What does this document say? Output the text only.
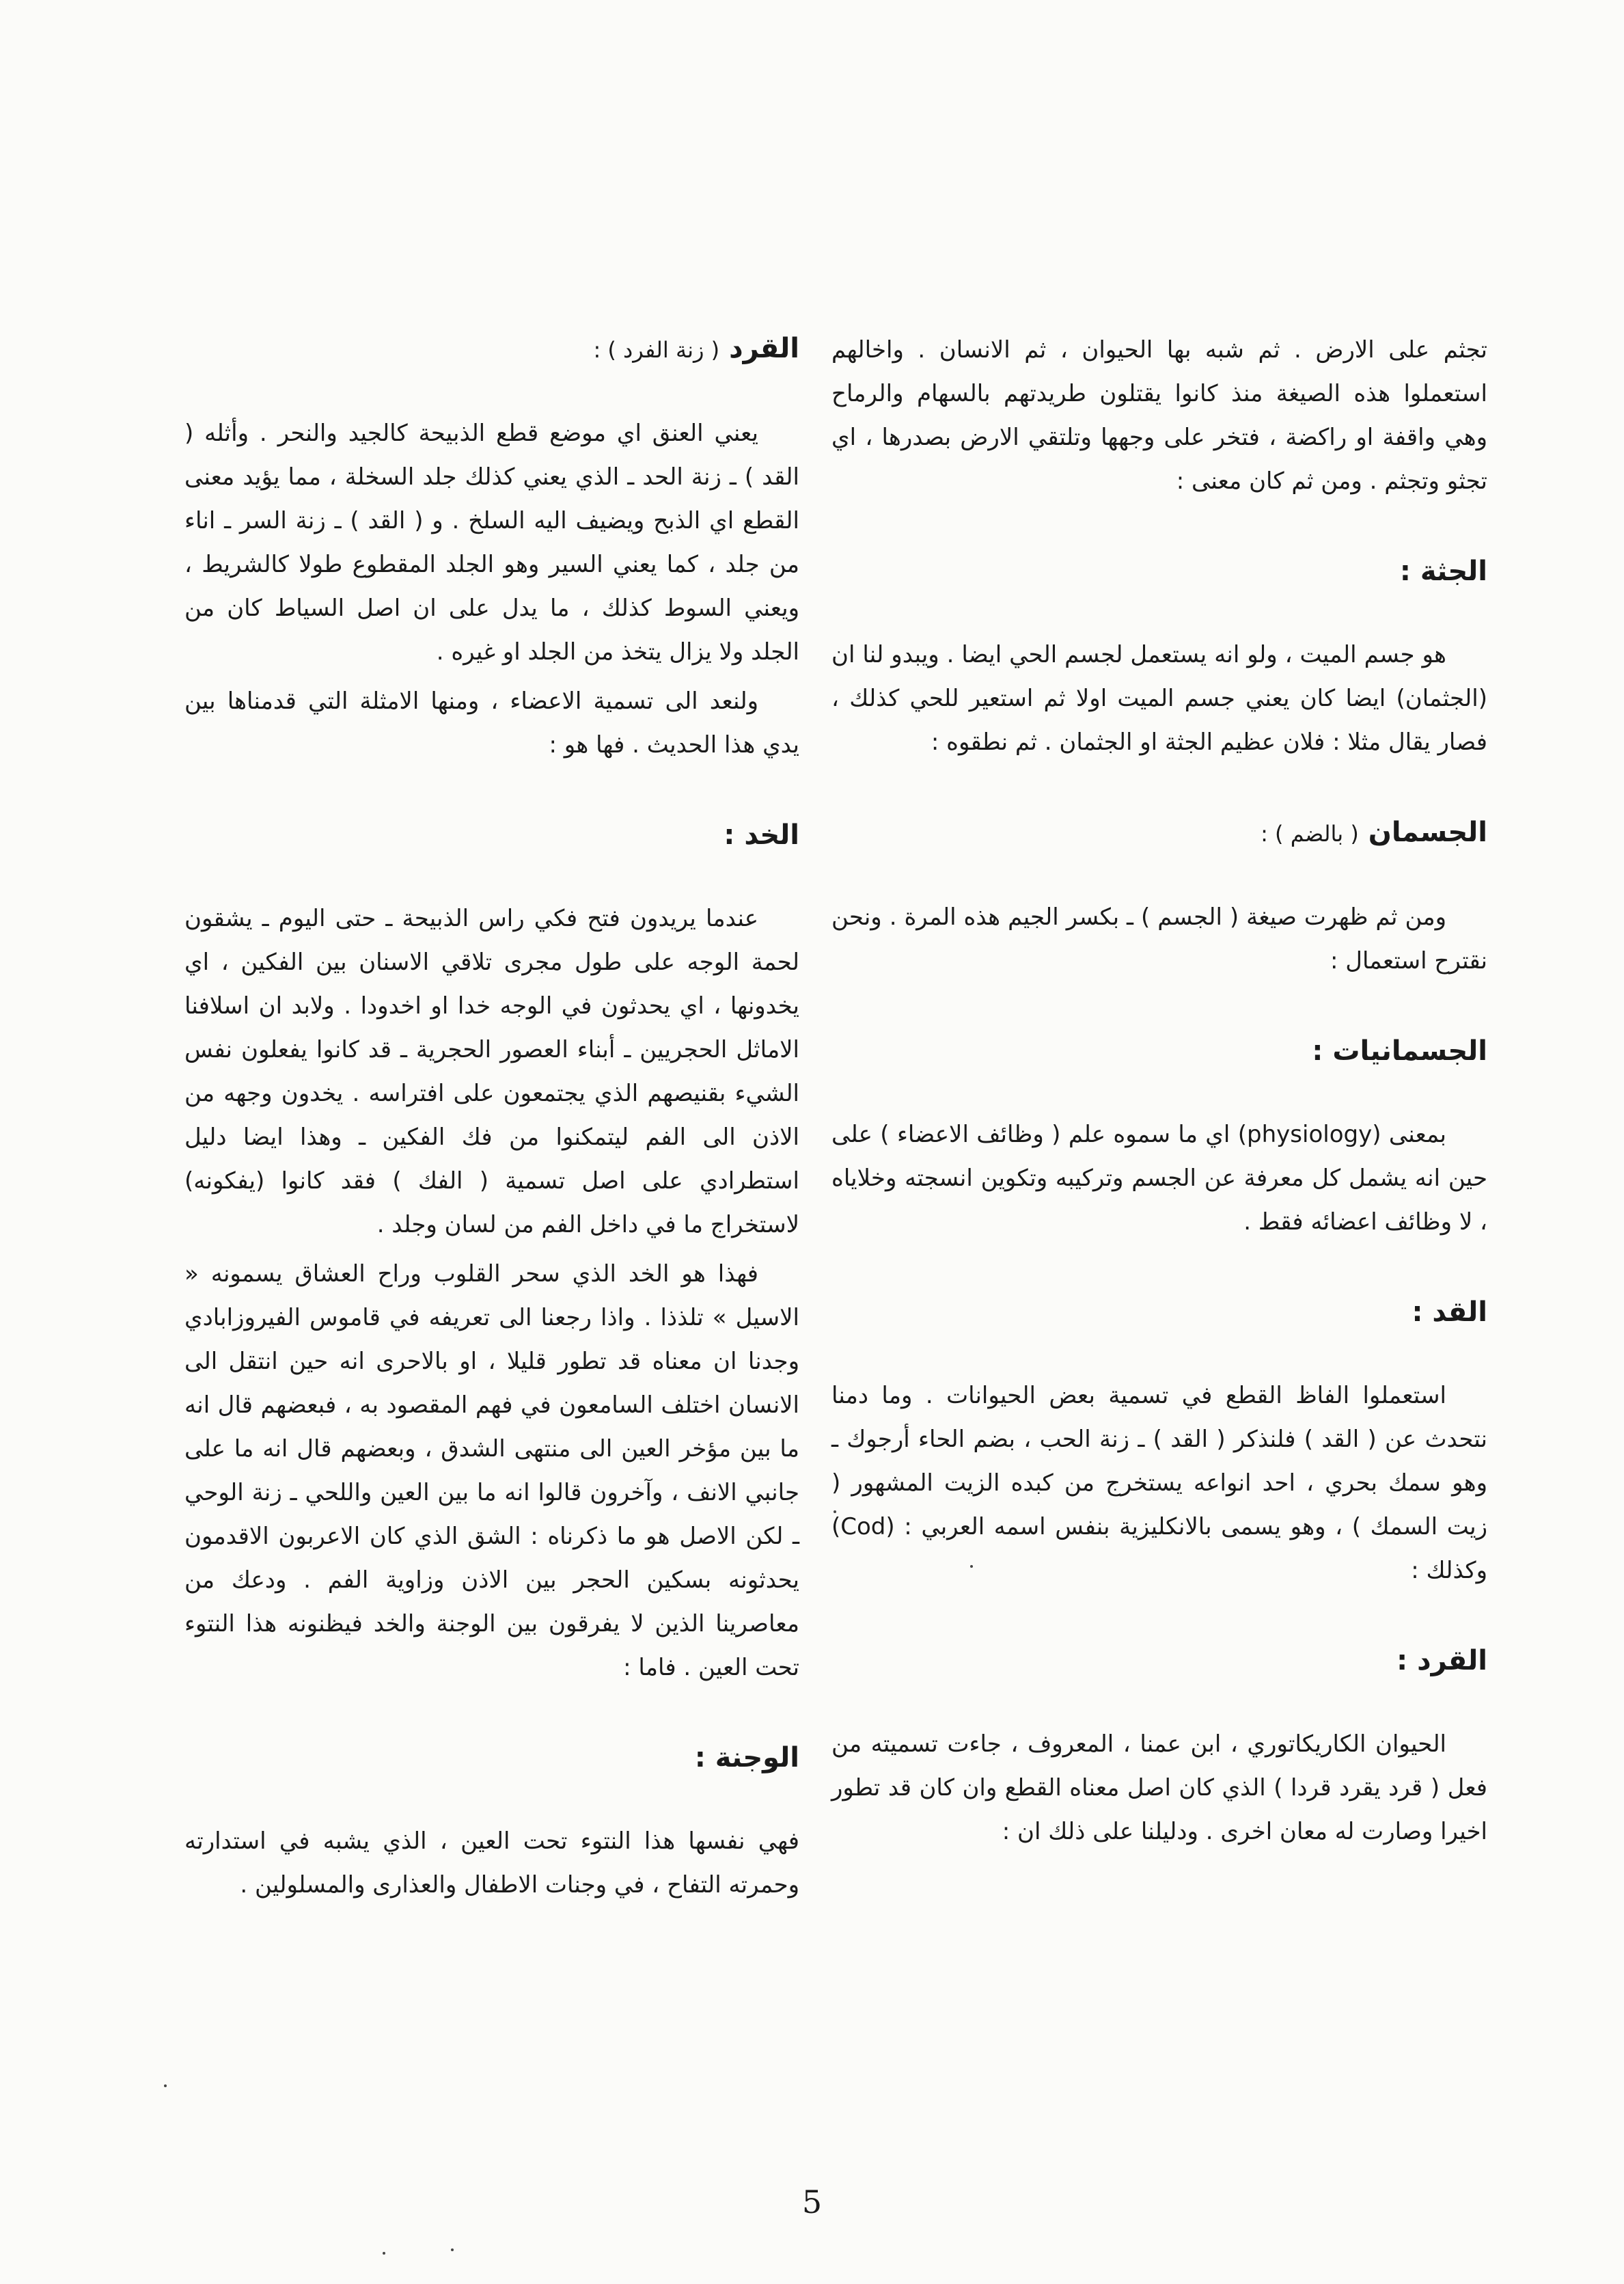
تجثم على الارض . ثم شبه بها الحيوان ، ثم الانسان . واخالهم استعملوا هذه الصيغة منذ كانوا يقتلون طريدتهم بالسهام والرماح وهي واقفة او راكضة ، فتخر على وجهها وتلتقي الارض بصدرها ، اي تجثو وتجثم . ومن ثم كان معنى :
الجثة :
هو جسم الميت ، ولو انه يستعمل لجسم الحي ايضا . ويبدو لنا ان (الجثمان) ايضا كان يعني جسم الميت اولا ثم استعير للحي كذلك ، فصار يقال مثلا : فلان عظيم الجثة او الجثمان . ثم نطقوه :
الجسمان ( بالضم ) :
ومن ثم ظهرت صيغة ( الجسم ) ـ بكسر الجيم هذه المرة . ونحن نقترح استعمال :
الجسمانيات :
بمعنى (physiology) اي ما سموه علم ( وظائف الاعضاء ) على حين انه يشمل كل معرفة عن الجسم وتركيبه وتكوين انسجته وخلاياه ، لا وظائف اعضائه فقط .
القد :
استعملوا الفاظ القطع في تسمية بعض الحيوانات . وما دمنا نتحدث عن ( القد ) فلنذكر ( القد ) ـ زنة الحب ، بضم الحاء أرجوك ـ وهو سمك بحري ، احد انواعه يستخرج من كبده الزيت المشهور ( زيت السمك ) ، وهو يسمى بالانكليزية بنفس اسمه العربي : (Cod) وكذلك :
القرد :
الحيوان الكاريكاتوري ، ابن عمنا ، المعروف ، جاءت تسميته من فعل ( قرد يقرد قردا ) الذي كان اصل معناه القطع وان كان قد تطور اخيرا وصارت له معان اخرى . ودليلنا على ذلك ان :
القرد ( زنة الفرد ) :
يعني العنق اي موضع قطع الذبيحة كالجيد والنحر . وأثله ( القد ) ـ زنة الحد ـ الذي يعني كذلك جلد السخلة ، مما يؤيد معنى القطع اي الذبح ويضيف اليه السلخ . و ( القد ) ـ زنة السر ـ اناء من جلد ، كما يعني السير وهو الجلد المقطوع طولا كالشريط ، ويعني السوط كذلك ، ما يدل على ان اصل السياط كان من الجلد ولا يزال يتخذ من الجلد او غيره .
ولنعد الى تسمية الاعضاء ، ومنها الامثلة التي قدمناها بين يدي هذا الحديث . فها هو :
الخد :
عندما يريدون فتح فكي راس الذبيحة ـ حتى اليوم ـ يشقون لحمة الوجه على طول مجرى تلاقي الاسنان بين الفكين ، اي يخدونها ، اي يحدثون في الوجه خدا او اخدودا . ولابد ان اسلافنا الاماثل الحجريين ـ أبناء العصور الحجرية ـ قد كانوا يفعلون نفس الشيء بقنيصهم الذي يجتمعون على افتراسه . يخدون وجهه من الاذن الى الفم ليتمكنوا من فك الفكين ـ وهذا ايضا دليل استطرادي على اصل تسمية ( الفك ) فقد كانوا (يفكونه) لاستخراج ما في داخل الفم من لسان وجلد .
فهذا هو الخد الذي سحر القلوب وراح العشاق يسمونه « الاسيل » تلذذا . واذا رجعنا الى تعريفه في قاموس الفيروزابادي وجدنا ان معناه قد تطور قليلا ، او بالاحرى انه حين انتقل الى الانسان اختلف السامعون في فهم المقصود به ، فبعضهم قال انه ما بين مؤخر العين الى منتهى الشدق ، وبعضهم قال انه ما على جانبي الانف ، وآخرون قالوا انه ما بين العين واللحي ـ زنة الوحي ـ لكن الاصل هو ما ذكرناه : الشق الذي كان الاعربون الاقدمون يحدثونه بسكين الحجر بين الاذن وزاوية الفم . ودعك من معاصرينا الذين لا يفرقون بين الوجنة والخد فيظنونه هذا النتوء تحت العين . فاما :
الوجنة :
فهي نفسها هذا النتوء تحت العين ، الذي يشبه في استدارته وحمرته التفاح ، في وجنات الاطفال والعذارى والمسلولين .
5
